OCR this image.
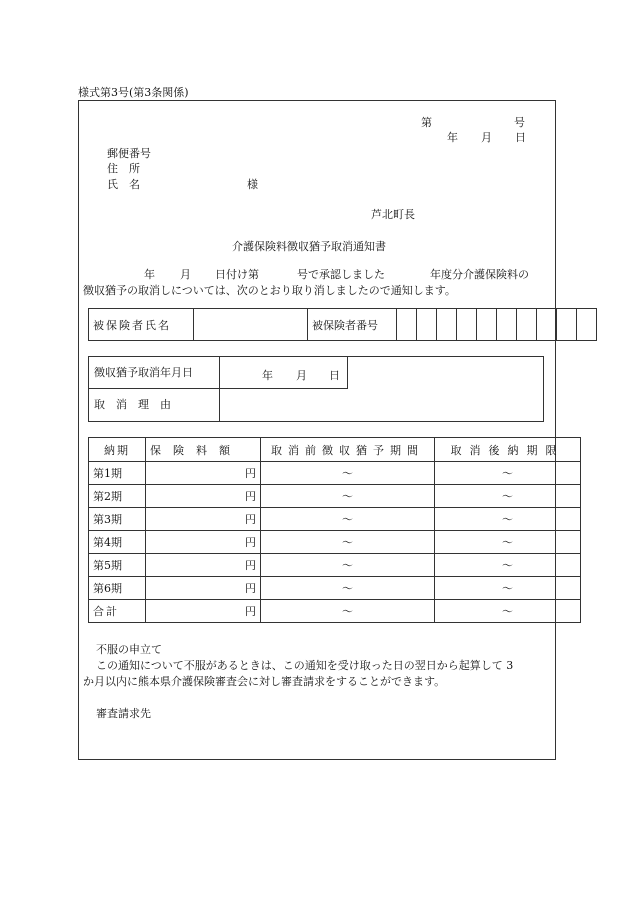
様式第3号(第3条関係)
第	号
年 月 日
郵便番号
住　所
氏　名	様
芦北町長
介護保険料徴収猶予取消通知書
年 月 日付け第	号で承認しました	年度分介護保険料の
徴収猶予の取消しについては、次のとおり取り消しましたので通知します。
被保険者氏名		被保険者番号										
徴収猶予取消年月日	年 月 日
取　消　理　由
納期	保険料額	取消前徴収猶予期間	取消後納期限
第1期	円	～	～
第2期	円	～	～
第3期	円	～	～
第4期	円	～	～
第5期	円	～	～
第6期	円	～	～
合計	円	～	～
不服の申立て
この通知について不服があるときは、この通知を受け取った日の翌日から起算して 3
か月以内に熊本県介護保険審査会に対し審査請求をすることができます。
審査請求先
